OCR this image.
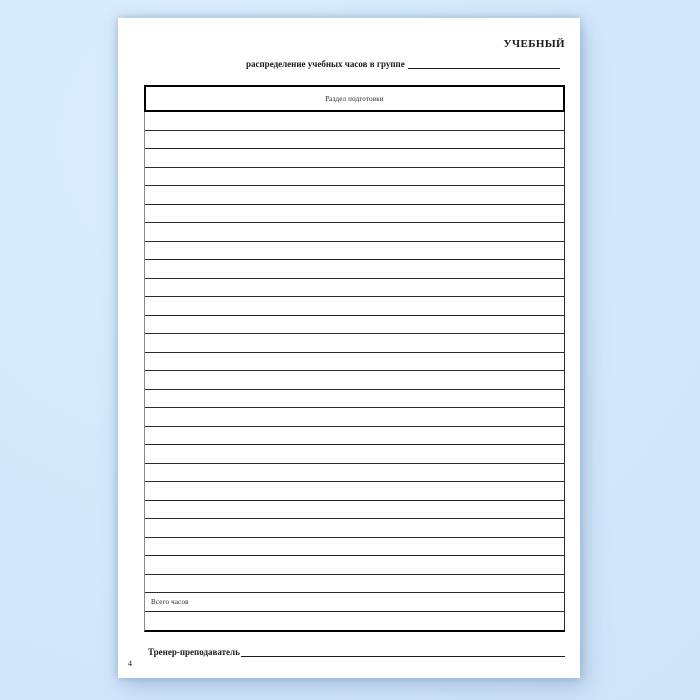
УЧЕБНЫЙ
распределение учебных часов в группе
Раздел подготовки
Всего часов
Тренер-преподаватель
4
